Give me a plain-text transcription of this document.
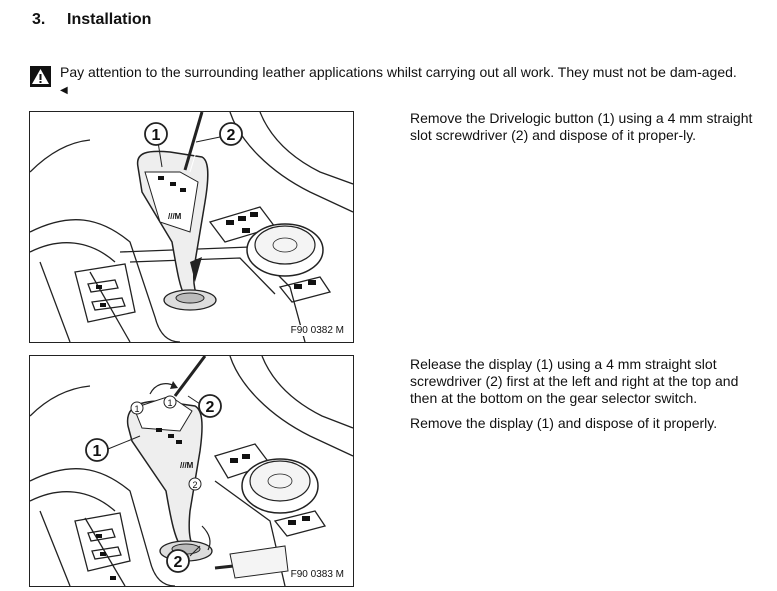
3. Installation
Pay attention to the surrounding leather applications whilst carrying out all work. They must not be dam-aged. ◀
///M
1	2
F90 0382 M
///M
1
2
2
1
1
2
F90 0383 M

Remove the Drivelogic button (1) using a 4 mm straight slot screwdriver (2) and dispose of it proper-ly.

Release the display (1) using a 4 mm straight slot screwdriver (2) first at the left and right at the top and then at the bottom on the gear selector switch.

Remove the display (1) and dispose of it properly.
